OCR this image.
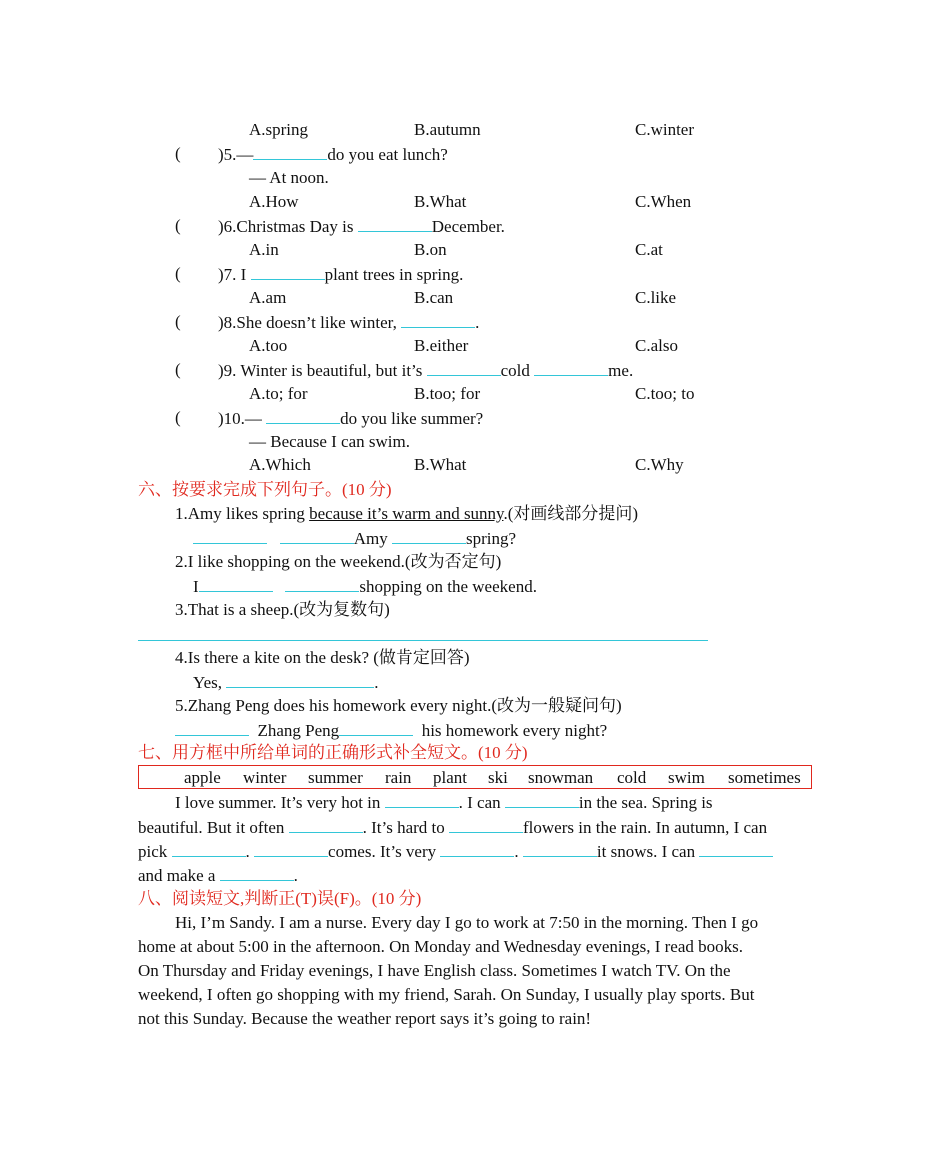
A.spring	B.autumn	C.winter
( )5.—	do you eat lunch?
— At noon.
A.How	B.What	C.When
( )6.Christmas Day is	December.
A.in	B.on	C.at
( )7. I	plant trees in spring.
A.am	B.can	C.like
( )8.She doesn’t like winter,	.
A.too	B.either	C.also
( )9. Winter is beautiful, but it’s	cold	me.
A.to; for	B.too; for	C.too; to
( )10.—	do you like summer?
— Because I can swim.
A.Which	B.What	C.Why
六、按要求完成下列句子。(10 分)
1.Amy likes spring because it’s warm and sunny.(对画线部分提问)
Amy	spring?
2.I like shopping on the weekend.(改为否定句)
I	shopping on the weekend.
3.That is a sheep.(改为复数句)
4.Is there a kite on the desk? (做肯定回答)
Yes,	.
5.Zhang Peng does his homework every night.(改为一般疑问句)
Zhang Peng	his homework every night?
七、用方框中所给单词的正确形式补全短文。(10 分)
apple winter summer rain plant ski snowman cold swim sometimes
I love summer. It’s very hot in	. I can	in the sea. Spring is
beautiful. But it often	. It’s hard to	flowers in the rain. In autumn, I can
pick	.	comes. It’s very	.	it snows. I can
and make a	.
八、阅读短文,判断正(T)误(F)。(10 分)
Hi, I’m Sandy. I am a nurse. Every day I go to work at 7:50 in the morning. Then I go
home at about 5:00 in the afternoon. On Monday and Wednesday evenings, I read books.
On Thursday and Friday evenings, I have English class. Sometimes I watch TV. On the
weekend, I often go shopping with my friend, Sarah. On Sunday, I usually play sports. But
not this Sunday. Because the weather report says it’s going to rain!
